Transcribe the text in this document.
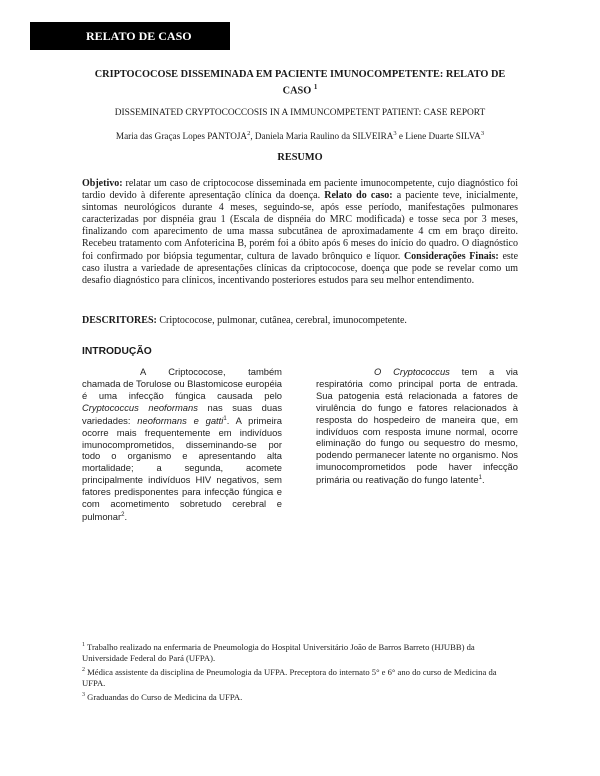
RELATO DE CASO
CRIPTOCOCOSE DISSEMINADA EM PACIENTE IMUNOCOMPETENTE: RELATO DE CASO $^1$
DISSEMINATED CRYPTOCOCCOSIS IN A IMMUNCOMPETENT PATIENT: CASE REPORT
Maria das Graças Lopes PANTOJA$^2$, Daniela Maria Raulino da SILVEIRA$^3$ e Liene Duarte SILVA$^3$
RESUMO
Objetivo: relatar um caso de criptococose disseminada em paciente imunocompetente, cujo diagnóstico foi tardio devido à diferente apresentação clínica da doença. Relato do caso: a paciente teve, inicialmente, sintomas neurológicos durante 4 meses, seguindo-se, após esse período, manifestações pulmonares caracterizadas por dispnéia grau 1 (Escala de dispnéia do MRC modificada) e tosse seca por 3 meses, finalizando com aparecimento de uma massa subcutânea de aproximadamente 4 cm em braço direito. Recebeu tratamento com Anfotericina B, porém foi a óbito após 6 meses do início do quadro. O diagnóstico foi confirmado por biópsia tegumentar, cultura de lavado brônquico e líquor. Considerações Finais: este caso ilustra a variedade de apresentações clínicas da criptococose, doença que pode se revelar como um desafio diagnóstico para clínicos, incentivando posteriores estudos para seu melhor entendimento.
DESCRITORES: Criptococose, pulmonar, cutânea, cerebral, imunocompetente.
INTRODUÇÃO

A Criptococose, também chamada de Torulose ou Blastomicose européia é uma infecção fúngica causada pelo Cryptococcus neoformans nas suas duas variedades: neoformans e gatti$^1$. A primeira ocorre mais frequentemente em indivíduos imunocomprometidos, disseminando-se por todo o organismo e apresentando alta mortalidade; a segunda, acomete principalmente indivíduos HIV negativos, sem fatores predisponentes para infecção fúngica e com acometimento sobretudo cerebral e pulmonar$^2$.

O Cryptococcus tem a via respiratória como principal porta de entrada. Sua patogenia está relacionada a fatores de virulência do fungo e fatores relacionados à resposta do hospedeiro de maneira que, em indivíduos com resposta imune normal, ocorre eliminação do fungo ou sequestro do mesmo, podendo permanecer latente no organismo. Nos imunocomprometidos pode haver infecção primária ou reativação do fungo latente$^1$.

$^1$ Trabalho realizado na enfermaria de Pneumologia do Hospital Universitário João de Barros Barreto (HJUBB) da Universidade Federal do Pará (UFPA).
$^2$ Médica assistente da disciplina de Pneumologia da UFPA. Preceptora do internato 5° e 6° ano do curso de Medicina da UFPA.
$^3$ Graduandas do Curso de Medicina da UFPA.
